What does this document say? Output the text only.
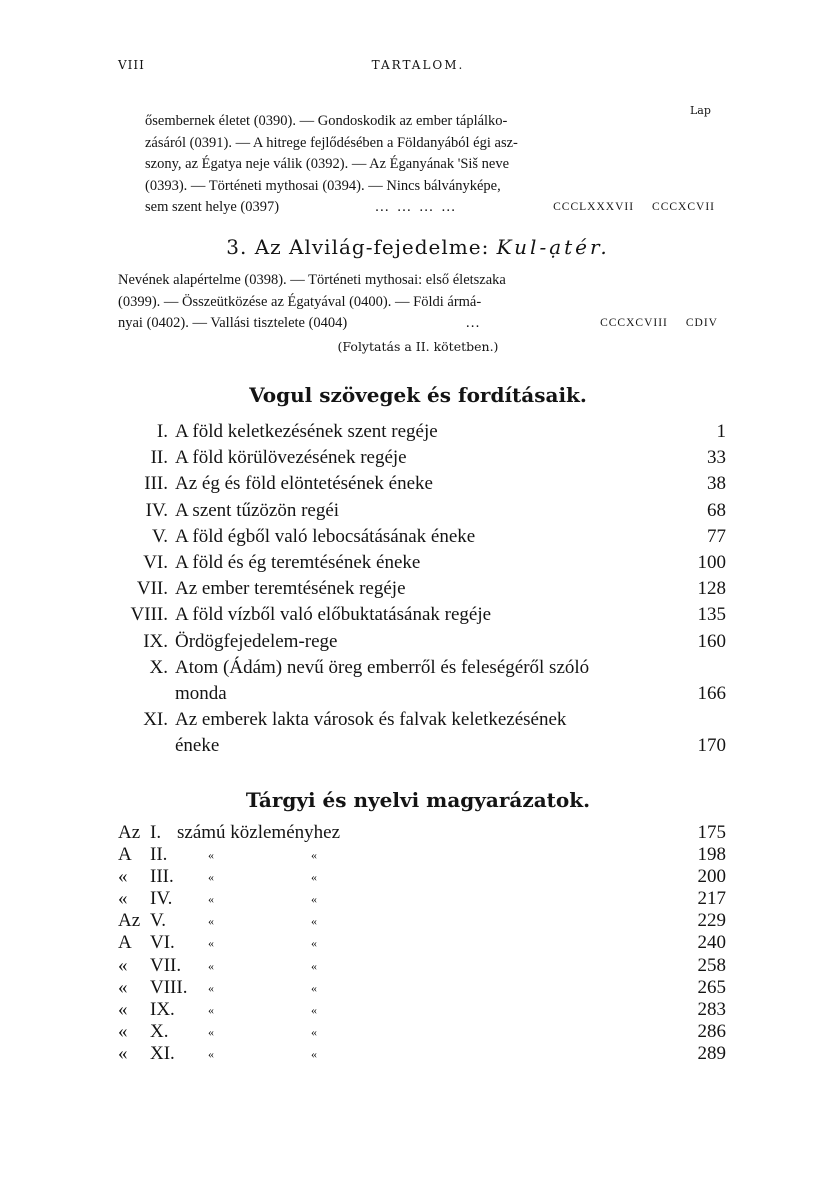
VIII	TARTALOM.
Lap
ősembernek életet (0390). — Gondoskodik az ember táplálko-
zásáról (0391). — A hitrege fejlődésében a Földanyából égi asz-
szony, az Égatya neje válik (0392). — Az Éganyának 'Siš neve
(0393). — Történeti mythosai (0394). — Nincs bálványképe,
sem szent helye (0397)	… … … …	CCCLXXXVII CCCXCVII
3. Az Alvilág-fejedelme: Kul-ạtér.
Nevének alapértelme (0398). — Történeti mythosai: első életszaka
(0399). — Összeütközése az Égatyával (0400). — Földi ármá-
nyai (0402). — Vallási tisztelete (0404)	…	CCCXCVIII CDIV
(Folytatás a II. kötetben.)
Vogul szövegek és fordításaik.
I. A föld keletkezésének szent regéje	1
II. A föld körülövezésének regéje	33
III. Az ég és föld elöntetésének éneke	38
IV. A szent tűzözön regéi	68
V. A föld égből való lebocsátásának éneke	77
VI. A föld és ég teremtésének éneke	100
VII. Az ember teremtésének regéje	128
VIII. A föld vízből való előbuktatásának regéje	135
IX. Ördögfejedelem-rege	160
X. Atom (Ádám) nevű öreg emberről és feleségéről szóló
monda	166
XI. Az emberek lakta városok és falvak keletkezésének
éneke	170
Tárgyi és nyelvi magyarázatok.
Az I. számú közleményhez	175
A II.	«	«	198
«	III.	«	«	200
«	IV.	«	«	217
Az V.	«	«	229
A VI.	«	«	240
«	VII. «	«	258
«	VIII. «	«	265
«	IX.	«	«	283
«	X.	«	«	286
«	XI.	«	«	289
